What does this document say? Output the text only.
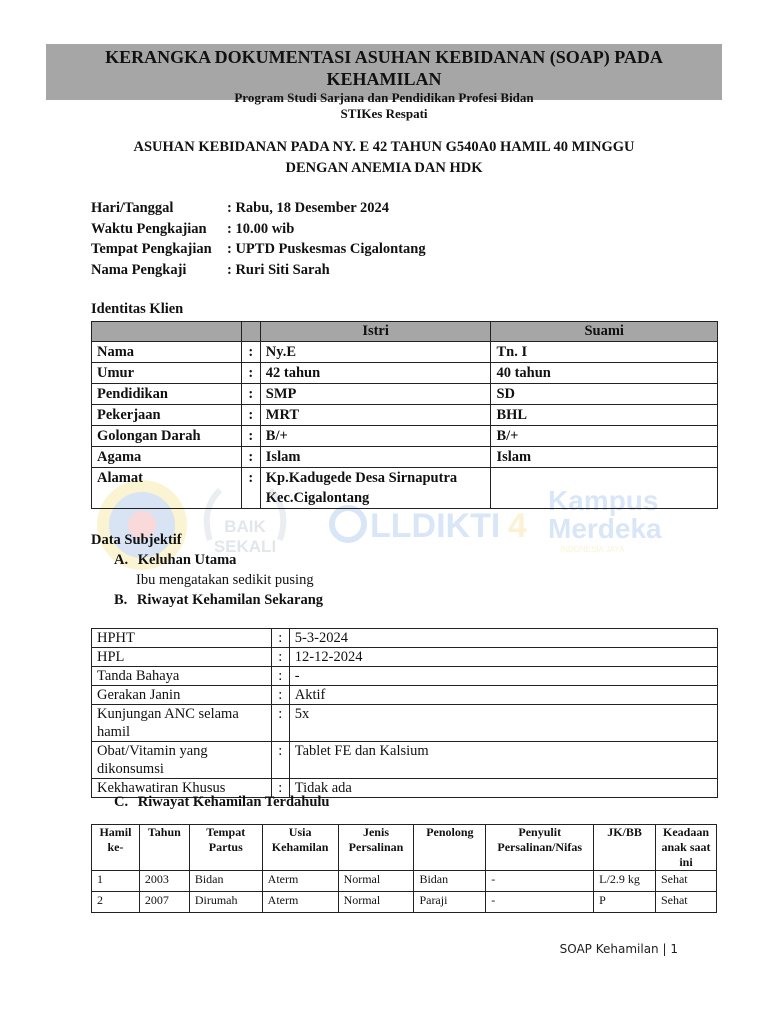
BAIK
SEKALI
LLDIKTI 4
Kampus
Merdeka
INDONESIA JAYA
KERANGKA DOKUMENTASI ASUHAN KEBIDANAN (SOAP) PADA KEHAMILAN
Program Studi Sarjana dan Pendidikan Profesi Bidan
STIKes Respati
ASUHAN KEBIDANAN PADA NY. E 42 TAHUN G540A0 HAMIL 40 MINGGU
DENGAN ANEMIA DAN HDK
Hari/Tanggal	: Rabu, 18 Desember 2024
Waktu Pengkajian : 10.00 wib
Tempat Pengkajian : UPTD Puskesmas Cigalontang
Nama Pengkaji	: Ruri Siti Sarah
Identitas Klien
		Istri	Suami
Nama	:	Ny.E	Tn. I
Umur	:	42 tahun	40 tahun
Pendidikan	:	SMP	SD
Pekerjaan	:	MRT	BHL
Golongan Darah	:	B/+	B/+
Agama	:	Islam	Islam
Alamat	:	Kp.Kadugede Desa Sirnaputra
Kec.Cigalontang	

Data Subjektif
A. Keluhan Utama
Ibu mengatakan sedikit pusing
B. Riwayat Kehamilan Sekarang
HPHT	:	5-3-2024
HPL	:	12-12-2024
Tanda Bahaya	:	-
Gerakan Janin	:	Aktif
Kunjungan ANC selama hamil	:	5x
Obat/Vitamin yang dikonsumsi	:	Tablet FE dan Kalsium
Kekhawatiran Khusus	:	Tidak ada
C. Riwayat Kehamilan Terdahulu
Hamil ke-	Tahun	Tempat Partus	Usia Kehamilan	Jenis Persalinan	Penolong	Penyulit Persalinan/Nifas	JK/BB	Keadaan anak saat ini
1	2003	Bidan	Aterm	Normal	Bidan	-	L/2.9 kg	Sehat
2	2007	Dirumah	Aterm	Normal	Paraji	-	P	Sehat
SOAP Kehamilan | 1
